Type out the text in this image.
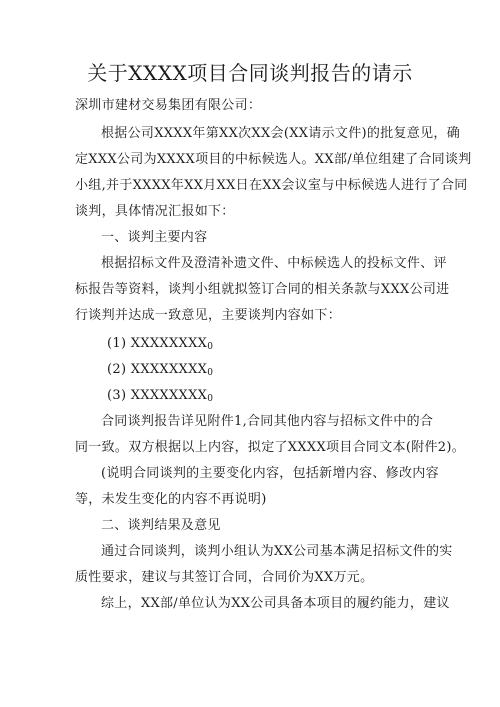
关于XXXX项目合同谈判报告的请示
深圳市建材交易集团有限公司：
根据公司XXXX年第XX次XX会(XX请示文件)的批复意见，确
定XXX公司为XXXX项目的中标候选人。XX部/单位组建了合同谈判
小组,并于XXXX年XX月XX日在XX会议室与中标候选人进行了合同
谈判，具体情况汇报如下：
一、谈判主要内容
根据招标文件及澄清补遗文件、中标候选人的投标文件、评
标报告等资料，谈判小组就拟签订合同的相关条款与XXX公司进
行谈判并达成一致意见，主要谈判内容如下：
(1) $XXXXXXXX_0$
(2) $XXXXXXXX_0$
(3) $XXXXXXXX_0$
合同谈判报告详见附件1,合同其他内容与招标文件中的合
同一致。双方根据以上内容，拟定了XXXX项目合同文本(附件2)。
(说明合同谈判的主要变化内容，包括新增内容、修改内容
等，未发生变化的内容不再说明)
二、谈判结果及意见
通过合同谈判，谈判小组认为XX公司基本满足招标文件的实
质性要求，建议与其签订合同，合同价为XX万元。
综上，XX部/单位认为XX公司具备本项目的履约能力，建议
